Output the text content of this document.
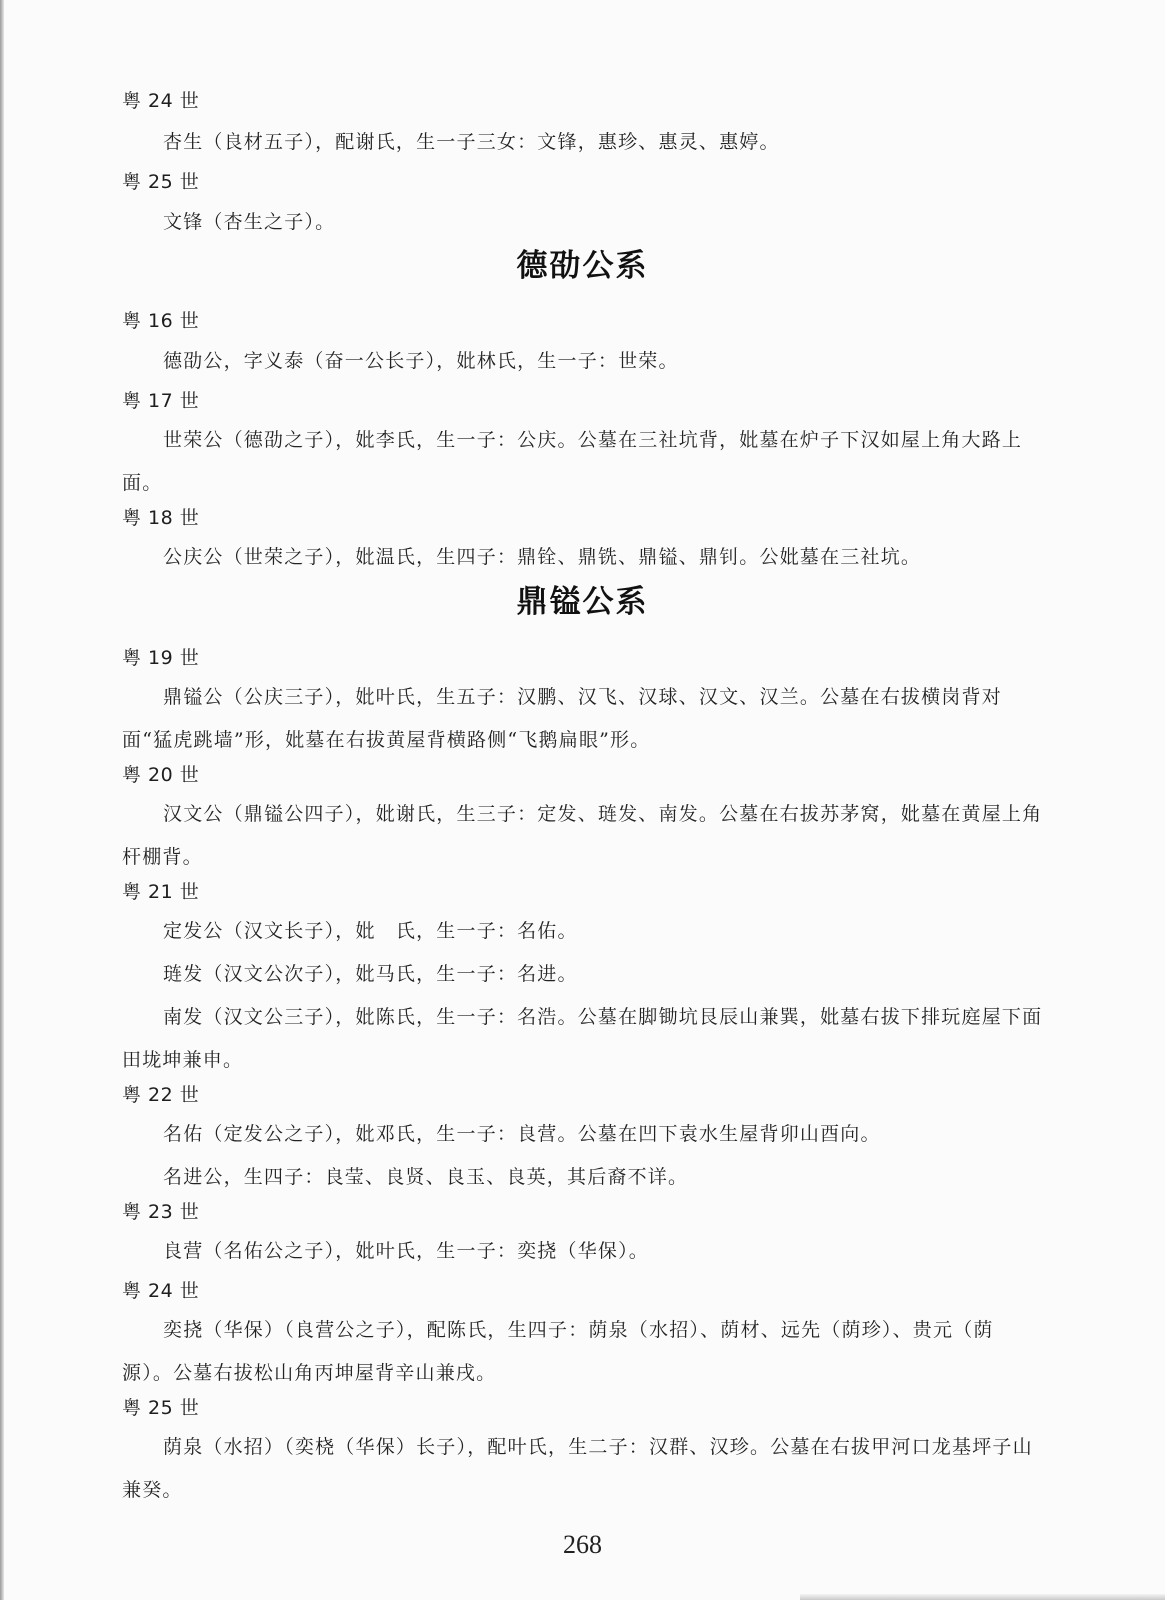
粤 24 世
杏生（良材五子），配谢氏，生一子三女：文锋，惠珍、惠灵、惠婷。
粤 25 世
文锋（杏生之子）。
德劭公系
粤 16 世
德劭公，字义泰（奋一公长子），妣林氏，生一子：世荣。
粤 17 世
世荣公（德劭之子），妣李氏，生一子：公庆。公墓在三社坑背，妣墓在炉子下汉如屋上角大路上面。
粤 18 世
公庆公（世荣之子），妣温氏，生四子：鼎铨、鼎铣、鼎镒、鼎钊。公妣墓在三社坑。
鼎镒公系
粤 19 世
鼎镒公（公庆三子），妣叶氏，生五子：汉鹏、汉飞、汉球、汉文、汉兰。公墓在右拔横岗背对面“猛虎跳墙”形，妣墓在右拔黄屋背横路侧“飞鹅扁眼”形。
粤 20 世
汉文公（鼎镒公四子），妣谢氏，生三子：定发、琏发、南发。公墓在右拔苏茅窝，妣墓在黄屋上角杆棚背。
粤 21 世
定发公（汉文长子），妣　氏，生一子：名佑。
琏发（汉文公次子），妣马氏，生一子：名进。
南发（汉文公三子），妣陈氏，生一子：名浩。公墓在脚锄坑艮辰山兼巽，妣墓右拔下排玩庭屋下面田垅坤兼申。
粤 22 世
名佑（定发公之子），妣邓氏，生一子：良营。公墓在凹下袁水生屋背卯山酉向。
名进公，生四子：良莹、良贤、良玉、良英，其后裔不详。
粤 23 世
良营（名佑公之子），妣叶氏，生一子：奕挠（华保）。
粤 24 世
奕挠（华保）（良营公之子），配陈氏，生四子：荫泉（水招）、荫材、远先（荫珍）、贵元（荫源）。公墓右拔松山角丙坤屋背辛山兼戌。
粤 25 世
荫泉（水招）（奕桡（华保）长子），配叶氏，生二子：汉群、汉珍。公墓在右拔甲河口龙基坪子山兼癸。
268
